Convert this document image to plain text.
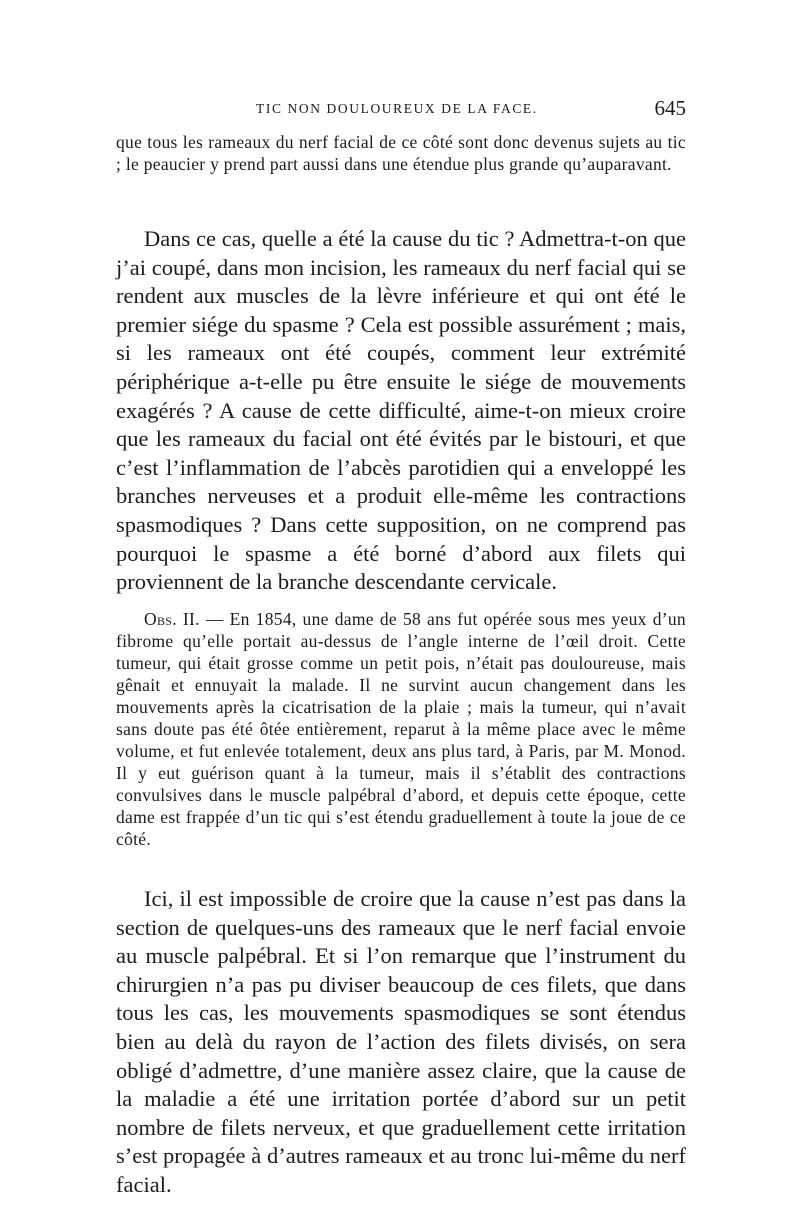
TIC NON DOULOUREUX DE LA FACE.	645

que tous les rameaux du nerf facial de ce côté sont donc devenus sujets au tic ; le peaucier y prend part aussi dans une étendue plus grande qu’auparavant.

Dans ce cas, quelle a été la cause du tic ? Admettra-t-on que j’ai coupé, dans mon incision, les rameaux du nerf facial qui se rendent aux muscles de la lèvre inférieure et qui ont été le premier siége du spasme ? Cela est possible assurément ; mais, si les rameaux ont été coupés, comment leur extrémité périphérique a-t-elle pu être ensuite le siége de mouvements exagérés ? A cause de cette difficulté, aime-t-on mieux croire que les rameaux du facial ont été évités par le bistouri, et que c’est l’inflammation de l’abcès parotidien qui a enveloppé les branches nerveuses et a produit elle-même les contractions spasmodiques ? Dans cette supposition, on ne comprend pas pourquoi le spasme a été borné d’abord aux filets qui proviennent de la branche descendante cervicale.

Obs. II. — En 1854, une dame de 58 ans fut opérée sous mes yeux d’un fibrome qu’elle portait au-dessus de l’angle interne de l’œil droit. Cette tumeur, qui était grosse comme un petit pois, n’était pas douloureuse, mais gênait et ennuyait la malade. Il ne survint aucun changement dans les mouvements après la cicatrisation de la plaie ; mais la tumeur, qui n’avait sans doute pas été ôtée entièrement, reparut à la même place avec le même volume, et fut enlevée totalement, deux ans plus tard, à Paris, par M. Monod. Il y eut guérison quant à la tumeur, mais il s’établit des contractions convulsives dans le muscle palpébral d’abord, et depuis cette époque, cette dame est frappée d’un tic qui s’est étendu graduellement à toute la joue de ce côté.

Ici, il est impossible de croire que la cause n’est pas dans la section de quelques-uns des rameaux que le nerf facial envoie au muscle palpébral. Et si l’on remarque que l’instrument du chirurgien n’a pas pu diviser beaucoup de ces filets, que dans tous les cas, les mouvements spasmodiques se sont étendus bien au delà du rayon de l’action des filets divisés, on sera obligé d’admettre, d’une manière assez claire, que la cause de la maladie a été une irritation portée d’abord sur un petit nombre de filets nerveux, et que graduellement cette irritation s’est propagée à d’autres rameaux et au tronc lui-même du nerf facial.
